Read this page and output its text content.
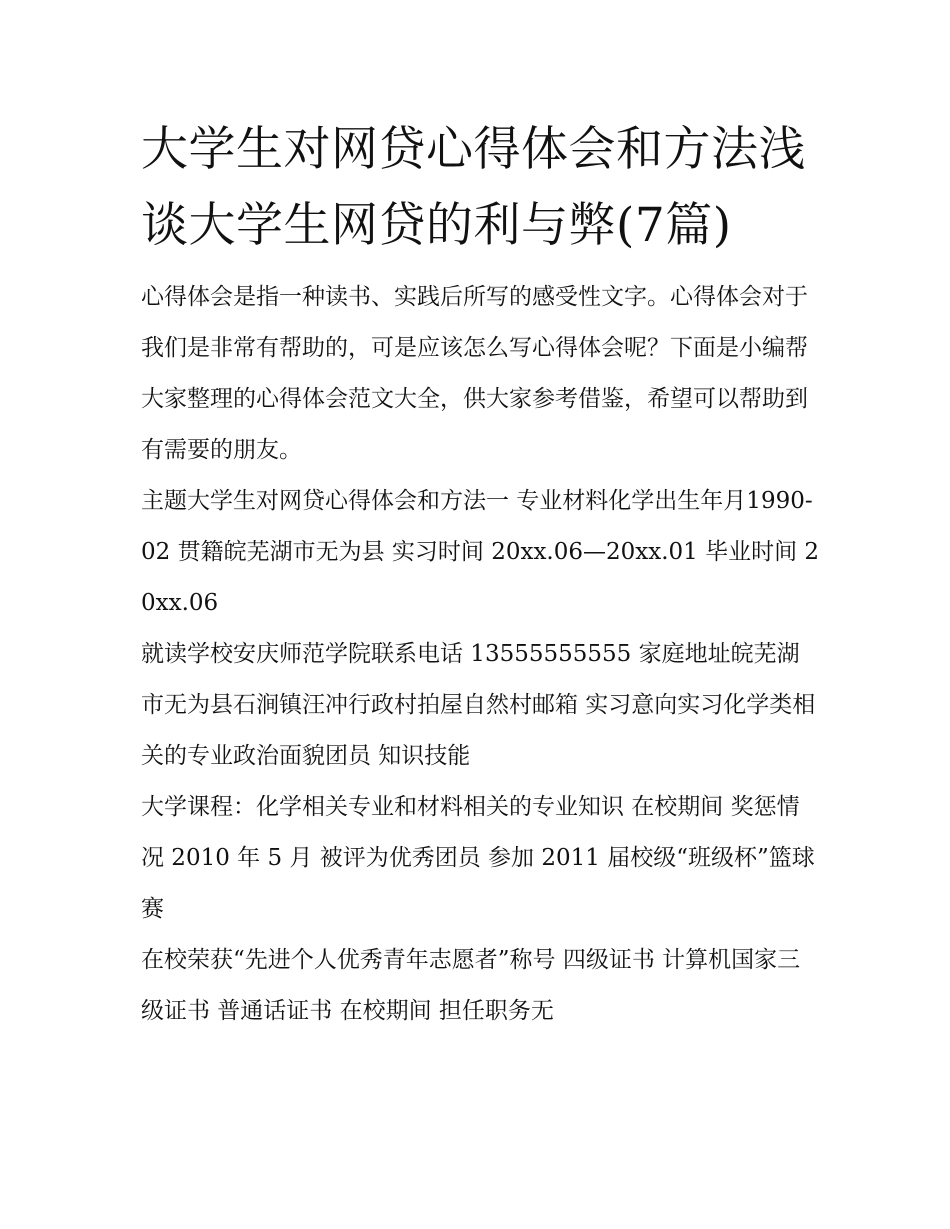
大学生对网贷心得体会和方法浅谈大学生网贷的利与弊(7篇)

心得体会是指一种读书、实践后所写的感受性文字。心得体会对于我们是非常有帮助的，可是应该怎么写心得体会呢？下面是小编帮大家整理的心得体会范文大全，供大家参考借鉴，希望可以帮助到有需要的朋友。

主题大学生对网贷心得体会和方法一 专业材料化学出生年月1990-02 贯籍皖芜湖市无为县 实习时间 20xx.06—20xx.01 毕业时间 20xx.06

就读学校安庆师范学院联系电话 13555555555 家庭地址皖芜湖市无为县石涧镇汪冲行政村拍屋自然村邮箱 实习意向实习化学类相关的专业政治面貌团员 知识技能

大学课程：化学相关专业和材料相关的专业知识 在校期间 奖惩情况 2010 年 5 月 被评为优秀团员 参加 2011 届校级“班级杯”篮球赛

在校荣获“先进个人优秀青年志愿者”称号 四级证书 计算机国家三级证书 普通话证书 在校期间 担任职务无
